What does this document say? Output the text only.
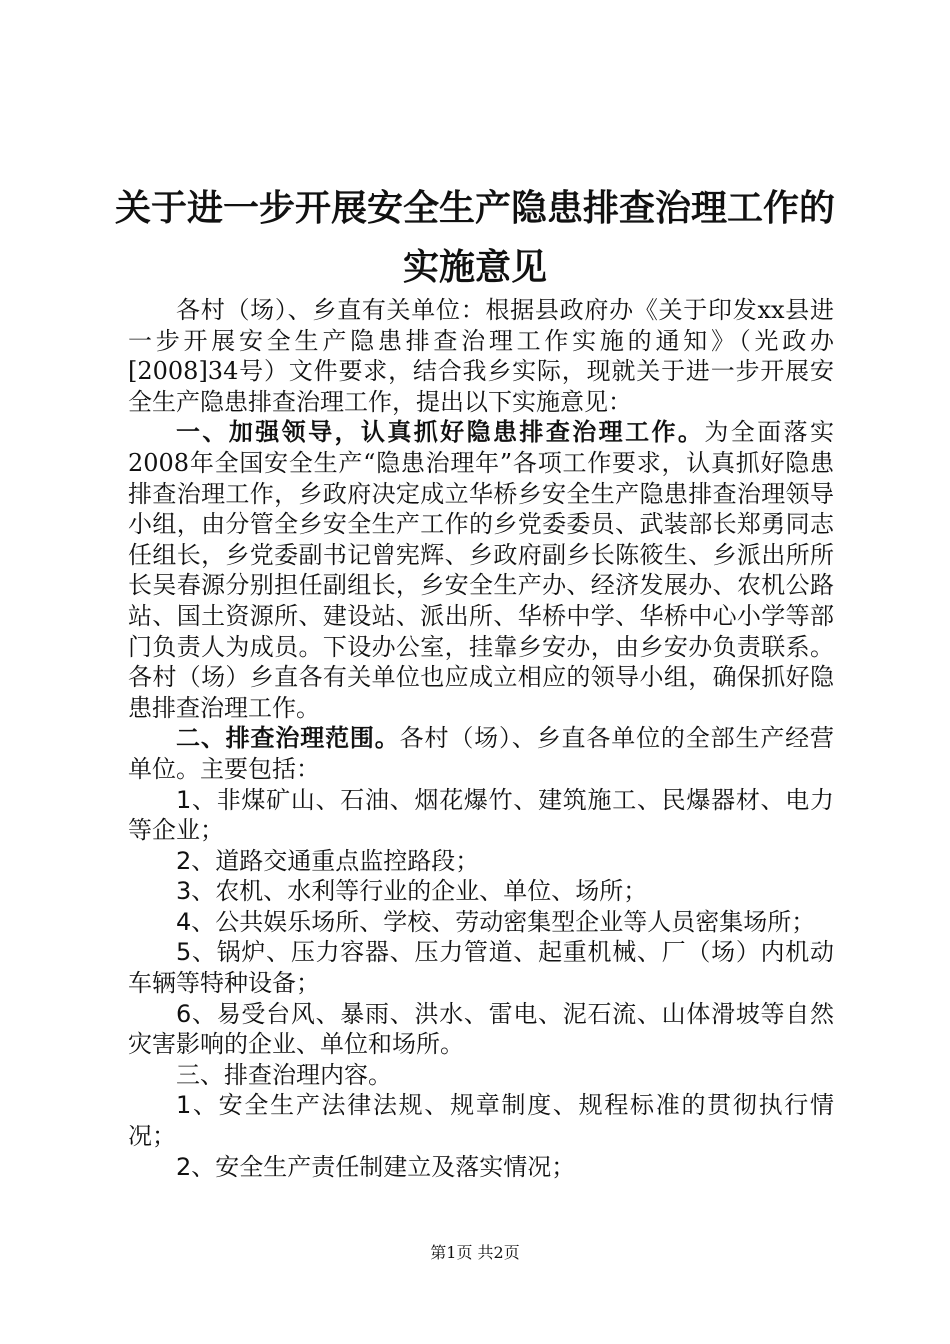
关于进一步开展安全生产隐患排查治理工作的
实施意见

各村（场）、乡直有关单位：根据县政府办《关于印发xx县进一步开展安全生产隐患排查治理工作实施的通知》（光政办[2008]34号）文件要求，结合我乡实际，现就关于进一步开展安全生产隐患排查治理工作，提出以下实施意见：

一、加强领导，认真抓好隐患排查治理工作。为全面落实2008年全国安全生产“隐患治理年”各项工作要求，认真抓好隐患排查治理工作，乡政府决定成立华桥乡安全生产隐患排查治理领导小组，由分管全乡安全生产工作的乡党委委员、武装部长郑勇同志任组长，乡党委副书记曾宪辉、乡政府副乡长陈筱生、乡派出所所长吴春源分别担任副组长，乡安全生产办、经济发展办、农机公路站、国土资源所、建设站、派出所、华桥中学、华桥中心小学等部门负责人为成员。下设办公室，挂靠乡安办，由乡安办负责联系。各村（场）乡直各有关单位也应成立相应的领导小组，确保抓好隐患排查治理工作。

二、排查治理范围。各村（场）、乡直各单位的全部生产经营单位。主要包括：

1、非煤矿山、石油、烟花爆竹、建筑施工、民爆器材、电力等企业；

2、道路交通重点监控路段；

3、农机、水利等行业的企业、单位、场所；

4、公共娱乐场所、学校、劳动密集型企业等人员密集场所；

5、锅炉、压力容器、压力管道、起重机械、厂（场）内机动车辆等特种设备；

6、易受台风、暴雨、洪水、雷电、泥石流、山体滑坡等自然灾害影响的企业、单位和场所。

三、排查治理内容。

1、安全生产法律法规、规章制度、规程标准的贯彻执行情况；

2、安全生产责任制建立及落实情况；

第1页 共2页
